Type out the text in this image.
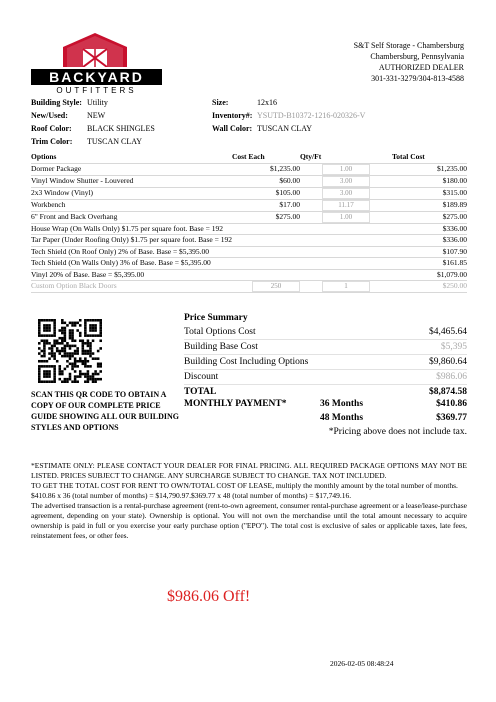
BACKYARD
OUTFITTERS
S&T Self Storage - Chambersburg
Chambersburg, Pennsylvania
AUTHORIZED DEALER
301-331-3279/304-813-4588
Building Style: Utility
New/Used: NEW
Roof Color: BLACK SHINGLES
Trim Color: TUSCAN CLAY
Size:	12x16
Inventory#: YSUTD-B10372-1216-020326-V
Wall Color: TUSCAN CLAY
Options	Cost Each	Qty/Ft	Total Cost
Dormer Package	$1,235.00	1.00	$1,235.00
Vinyl Window Shutter - Louvered	$60.00	3.00	$180.00
2x3 Window (Vinyl)	$105.00	3.00	$315.00
Workbench	$17.00	11.17	$189.89
6" Front and Back Overhang	$275.00	1.00	$275.00
House Wrap (On Walls Only) $1.75 per square foot. Base = 192			$336.00
Tar Paper (Under Roofing Only) $1.75 per square foot. Base = 192			$336.00
Tech Shield (On Roof Only) 2% of Base. Base = $5,395.00			$107.90
Tech Shield (On Walls Only) 3% of Base. Base = $5,395.00			$161.85
Vinyl 20% of Base. Base = $5,395.00			$1,079.00
Custom Option Black Doors	250	1	$250.00
SCAN THIS QR CODE TO OBTAIN A COPY OF OUR COMPLETE PRICE GUIDE SHOWING ALL OUR BUILDING STYLES AND OPTIONS
Price Summary
Total Options Cost	$4,465.64
Building Base Cost	$5,395
Building Cost Including Options	$9,860.64
Discount	$986.06
TOTAL	$8,874.58
MONTHLY PAYMENT*	36 Months	$410.86
48 Months	$369.77
*Pricing above does not include tax.
*ESTIMATE ONLY: PLEASE CONTACT YOUR DEALER FOR FINAL PRICING. ALL REQUIRED PACKAGE OPTIONS MAY NOT BE LISTED. PRICES SUBJECT TO CHANGE. ANY SURCHARGE SUBJECT TO CHANGE. TAX NOT INCLUDED.
TO GET THE TOTAL COST FOR RENT TO OWN/TOTAL COST OF LEASE, multiply the monthly amount by the total number of months.
$410.86 x 36 (total number of months) = $14,790.97.$369.77 x 48 (total number of months) = $17,749.16.
The advertised transaction is a rental-purchase agreement (rent-to-own agreement, consumer rental-purchase agreement or a lease/lease-purchase agreement, depending on your state). Ownership is optional. You will not own the merchandise until the total amount necessary to acquire ownership is paid in full or you exercise your early purchase option ("EPO"). The total cost is exclusive of sales or applicable taxes, late fees, reinstatement fees, or other fees.
$986.06 Off!
2026-02-05 08:48:24
